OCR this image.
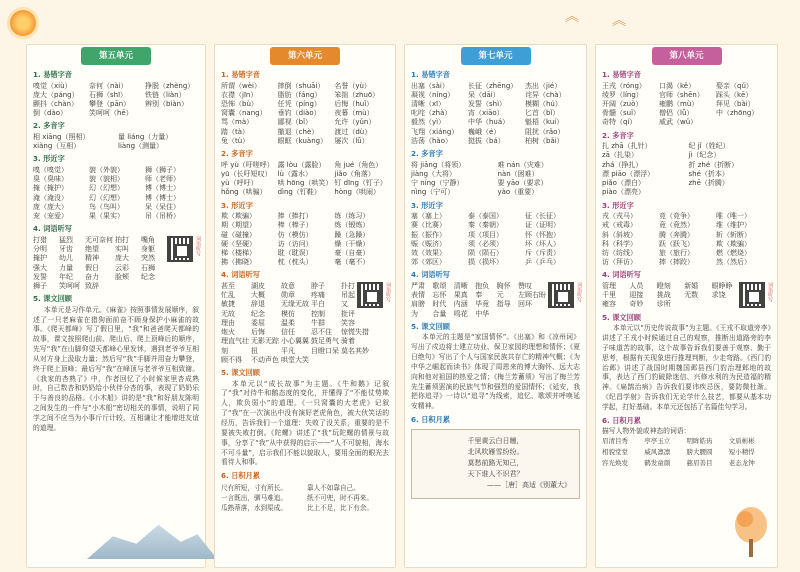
︽ ︽
第五单元
1. 易错字音
嗅觉（xiù）	奈何（nài）	挣脱（zhèng）
庞大（páng）	石狮（shī）	铁链（liàn）
颤抖（chàn）	攀登（pān）	辨别（biàn）
倒（dào）	笑呵呵（hē）
2. 多音字
相 xiāng（照相）	量 liáng（力量）
xiàng（互相）	liàng（测量）
3. 形近字
嗅（嗅觉）	貌（外貌）	狮（狮子）
臭（臭味）	貌（貌相）	师（老师）
掩（掩护）	幻（幻想）	博（博士）
淹（淹没）	幻（幻想）	博（博士）
庞（庞大）	鸟（鸟叫）	呆（呆住）
宠（宠爱）	果（果实）	吊（吊桥）
4. 词语听写
打猎	猛烈	无可奈何 拍打	嘴角
分明	牙齿	绝望	实叫	身躯
掩护	幼儿	精神	庞大	突然
强大	力量	假日	云彩	石狮
发誓	年纪	奋力	脸颊	纪念
狮子	笑呵呵 致辞
词语听写
5. 课文回顾

本单元是习作单元。《麻雀》按照事情发展顺序，叙述了一只老麻雀在猎狗面前奋不顾身保护小麻雀的故事。《爬天都峰》写了假日里，“我”和爸爸爬天都峰的故事，课文按照爬山前、爬山后、爬上顶峰后的顺序，先写“我”在山脚仰望天都峰心里发怵，遇到老爷爷互相从对方身上汲取力量；然后写“我”手脚并用奋力攀登，终于爬上顶峰；最后写“我”在峰顶与老爷爷互相致谢。《我家的杏熟了》中，作者回忆了小时候家里杏成熟时，自己数杏和奶奶给小伙伴分杏的事，表现了奶奶乐于与善良的品格。《小木船》讲的是“我”和好朋友陈明之间发生的一件与“小木船”密切相关的事情，说明了同学之间不应当为小事斤斤计较，互相谦让才能增进友谊的道理。

第六单元
1. 易错字音
所谓（wèi）	摔倒（shuāi）	名誉（yù）
衣襟（jīn）	脂肪（fáng）	笨拙（zhuō）
恐怖（bù）	任凭（píng）	后悔（huǐ）
窝囊（nang）	垂钓（diào）	夜幕（mù）
骂（mà）	鄙视（bǐ）	允许（yǔn）
踏（tà）	撤退（chè）	渡过（dù）
兔（tù）	眼眶（kuàng）	屡次（lǚ）
2. 多音字
呼 yù（吁嗟呼） 露 lòu（露脸）	角 jué（角色）
yū（长吁短叹） lù（露水）	jiǎo（角落）
yù（呼吁）	哄 hōng（哄笑） 钉 dīng（钉子）
hǒng（哄骗）	dìng（钉鞋）	hòng（哄闹）
3. 形近字
欺（欺骗）	捧（捧打）	练（练习）
期（期望）	棒（棒子）	炼（锻炼）
碰（碰撞）	仿（模仿）	躁（急躁）
硬（坚硬）	访（访问）	燥（干燥）
梯（楼梯）	耽（耽误）	豪（自豪）
拂（拂晓）	枕（枕头）	毫（毫不）
4. 词语听写
甚至	湖皮	故意	脖子	扑打
忙乱	大概	勋章	疼痛	吊起
敏捷	辞退	无缘无故 平白	又
无故	纪念	模仿	控制	批评
理由	委屈	温柔	牛群	笑容
炮火	后悔	信任	忍不住	惊慌失措
理直气壮 无影无踪 小心翼翼 鼓足勇气 骑着
刻	扭	平凡	目瞪口呆 莫名其妙
顾不得	不动声色 哄堂大笑
词语听写
5. 课文回顾

本单元以“成长故事”为主题。《牛和鹅》记叙了“我”对待牛和鹅态度的变化，并懂得了“不能仗势欺人，欺负弱小”的道理。《一只窝囊的大老虎》记叙了“我”在一次演出中没有演好老虎角色，被大伙笑话的经历，告诉我们一个道理：失败了没关系，重要的是不要被失败打倒。《陀螺》讲述了“我”玩陀螺的情景与故事，分享了“我”从中获得的启示——“人不可貌相，海水不可斗量”，启示我们不能以貌取人，要用全面的眼光去看待人和事。

6. 日积月累
尺有所短，寸有所长。	靠人不如靠自己。
一言既出，驷马难追。	纸不可兜，时不再来。
瓜熟蒂落，水到渠成。	比上不足，比下有余。
第七单元
1. 易错字音
出塞（sài）	长征（zhēng）	杰出（jié）
凝视（níng）	呆（dāi）	诧异（chà）
清晰（xī）	发誓（shì）	模糊（hú）
叱咤（zhà）	宵（xiāo）	匕首（bǐ）
毅然（yì）	中华（huá）	魁梧（kuí）
飞翔（xiáng）	巍峨（é）	阻扰（rǎo）
浩荡（hào）	挺拔（bá）	柏树（bǎi）
2. 多音字
将 jiāng（将领）	难 nán（灾难）
jiàng（大将）	nàn（困难）
宁 níng（宁静）	要 yāo（要求）
nìng（宁可）	yào（重要）
3. 形近字
塞（塞上）	泰（泰国）	征（长征）
赛（比赛）	秦（秦朝）	证（证明）
振（振作）	项（项目）	怀（怀抱）
赈（赈济）	须（必须）	坏（坏人）
效（效果）	陨（陨石）	斥（斥责）
郊（郊区）	损（损坏）	乒（乒乓）
4. 词语听写
严肃	歌颂	清晰	抱负	胸怀	赞叹
表情	忘怀	果真	奉	元	左顾右盼
肩膀	时代	内涵	毕竟	指导	回环
为	合量	鸣花	中华
词语听写
5. 课文回顾

本单元的主题是“家国情怀”。《出塞》和《凉州词》写出了戍边将士建立功业、保卫家园的理想和情怀；《夏日绝句》写出了个人与国家民族共存亡的精神气概；《为中华之崛起而读书》体现了周恩来的博大胸怀、远大志向和他对祖国的热爱之情；《梅兰芳蓄须》写出了梅兰芳先生蓄须罢演的民族气节和强烈的爱国情怀；《延安，我把你追寻》一诗以“追寻”为线索，追忆、歌颂并呼唤延安精神。

6. 日积月累
千里黄云白日曛，
北风吹雁雪纷纷。
莫愁前路无知己，
天下谁人不识君？
——［唐］高适《别董大》
第八单元
1. 易错字音
王戎（róng）	口渴（kě）	娶亲（qǔ）
绫罗（líng）	官师（shēn）	踩头（kē）
开阔（zuò）	雍鹏（mù）	拜见（bài）
骨髓（suǐ）	僧侣（lǚ）	中（zhōng）
奇特（qí）	威武（wǔ）
2. 多音字
扎 zhā（扎针）	纪 jǐ（姓纪）
zā（扎染）	jì（纪念）
zhá（挣扎）	折 zhé（折断）
漂 piāo（漂浮）	shé（折本）
piǎo（漂白）	zhē（折腾）
piào（漂亮）
3. 形近字
戎（戎马）	竞（竞争）	唯（唯一）
戒（戒毒）	竟（竟然）	维（维护）
斜（斜坡）	腾（奔腾）	斩（斩断）
科（科学）	跃（跃飞）	欺（欺骗）
纺（纺线）	旅（旅行）	燃（燃烧）
访（拜访）	摔（摔跤）	然（然后）
4. 词语听写
管理	人员	瞪刻	新婚	眼睁睁
千里	迎接	挑战	无数	求饶
雍容	奇妙	诊所
词语听写
5. 课文回顾

本单元以“历史传说故事”为主题。《王戎不取道旁李》讲述了王戎小时候通过自己的观察，推断出道路旁的李子味道苦的故事，这个故事告诉我们要善于观察、勤于思考，根据有关现象进行推理判断，少走弯路。《西门豹治邺》讲述了战国时期魏国邺县西门豹治理邺地的故事，表达了西门豹破除迷信、兴修水利的为民造福的精神。《扁鹊治病》告诉我们要讳疾忌医，要防微杜渐。《纪昌学射》告诉我们无论学什么技艺，都要从基本功学起，打好基础。本单元还包括了名篇佳句学习。

6. 日积月累
描写人物外貌或神态的词语：
眉清目秀	亭亭玉立	明眸皓齿	文质彬彬
相貌堂堂	威风凛凛	膀大腰圆	短小精悍
容光焕发	鹤发童颜	慈眉善目	老态龙钟
